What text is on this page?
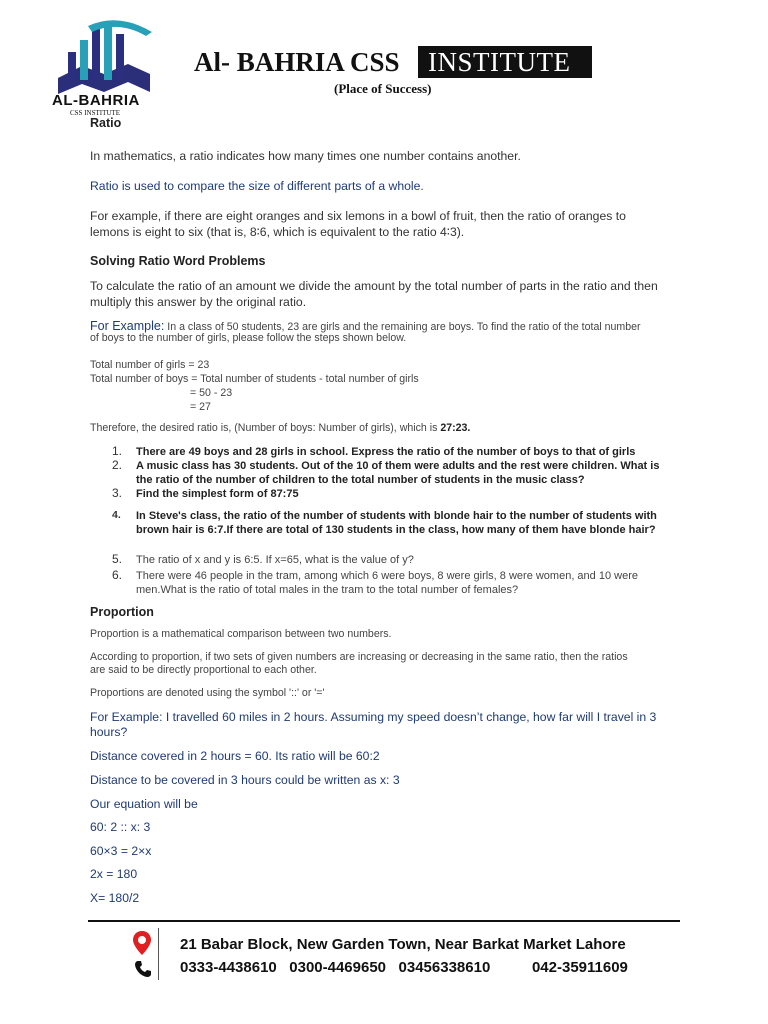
AL-BAHRIA
CSS INSTITUTE
Al- BAHRIA CSS INSTITUTE
(Place of Success)
Ratio
In mathematics, a ratio indicates how many times one number contains another.
Ratio is used to compare the size of different parts of a whole.
For example, if there are eight oranges and six lemons in a bowl of fruit, then the ratio of oranges to
lemons is eight to six (that is, 8∶6, which is equivalent to the ratio 4∶3).
Solving Ratio Word Problems
To calculate the ratio of an amount we divide the amount by the total number of parts in the ratio and then
multiply this answer by the original ratio.
For Example: In a class of 50 students, 23 are girls and the remaining are boys. To find the ratio of the total number
of boys to the number of girls, please follow the steps shown below.
Total number of girls = 23
Total number of boys = Total number of students - total number of girls
= 50 - 23
= 27
Therefore, the desired ratio is, (Number of boys: Number of girls), which is 27:23.
1. There are 49 boys and 28 girls in school. Express the ratio of the number of boys to that of girls
2. A music class has 30 students. Out of the 10 of them were adults and the rest were children. What is
the ratio of the number of children to the total number of students in the music class?
3. Find the simplest form of 87:75
4. In Steve's class, the ratio of the number of students with blonde hair to the number of students with
brown hair is 6:7.If there are total of 130 students in the class, how many of them have blonde hair?
5. The ratio of x and y is 6:5. If x=65, what is the value of y?
6. There were 46 people in the tram, among which 6 were boys, 8 were girls, 8 were women, and 10 were
men.What is the ratio of total males in the tram to the total number of females?
Proportion
Proportion is a mathematical comparison between two numbers.
According to proportion, if two sets of given numbers are increasing or decreasing in the same ratio, then the ratios
are said to be directly proportional to each other.
Proportions are denoted using the symbol '::' or '='
For Example: I travelled 60 miles in 2 hours. Assuming my speed doesn’t change, how far will I travel in 3
hours?
Distance covered in 2 hours = 60. Its ratio will be 60:2
Distance to be covered in 3 hours could be written as x: 3
Our equation will be
60: 2 :: x: 3
60×3 = 2×x
2x = 180
X= 180/2
21 Babar Block, New Garden Town, Near Barkat Market Lahore
0333-4438610   0300-4469650   03456338610          042-35911609
